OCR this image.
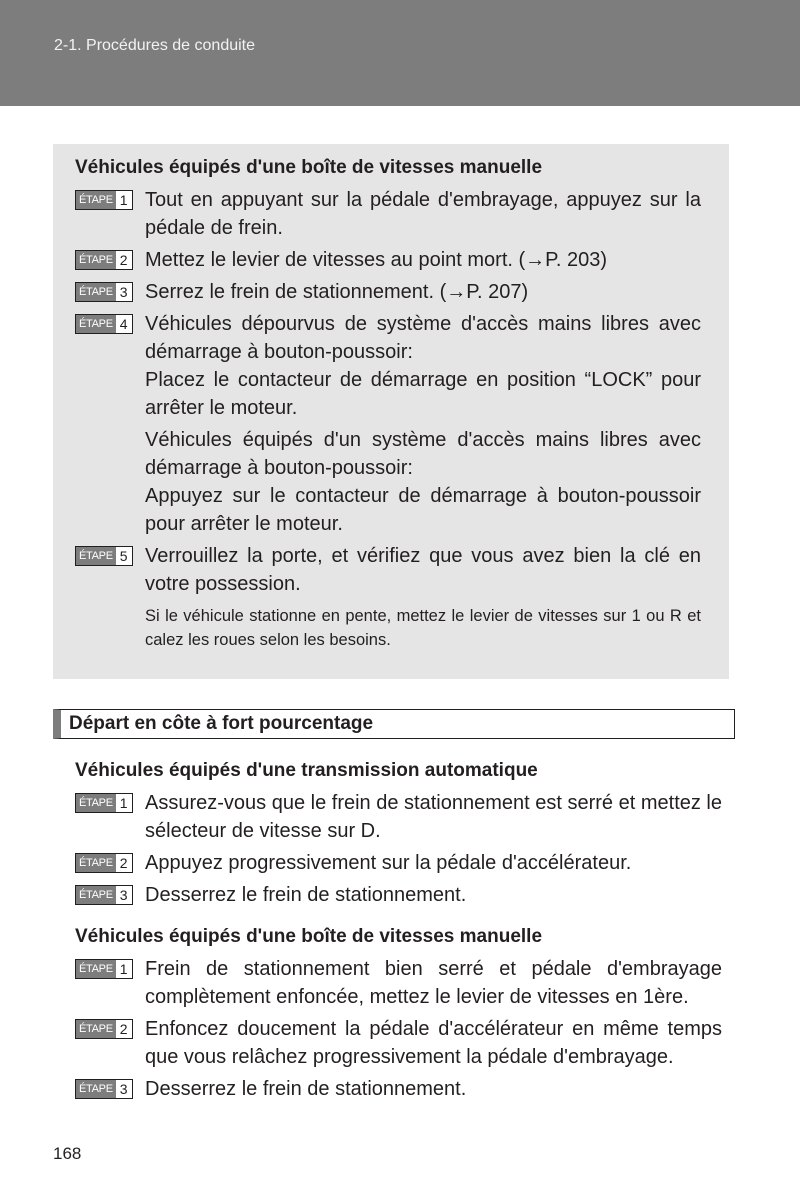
2-1. Procédures de conduite
Véhicules équipés d'une boîte de vitesses manuelle
ÉTAPE 1 Tout en appuyant sur la pédale d'embrayage, appuyez sur la pédale de frein.
ÉTAPE 2 Mettez le levier de vitesses au point mort. (→P. 203)
ÉTAPE 3 Serrez le frein de stationnement. (→P. 207)
ÉTAPE 4 Véhicules dépourvus de système d'accès mains libres avec démarrage à bouton-poussoir:

Placez le contacteur de démarrage en position “LOCK” pour arrêter le moteur.

Véhicules équipés d'un système d'accès mains libres avec démarrage à bouton-poussoir:

Appuyez sur le contacteur de démarrage à bouton-poussoir pour arrêter le moteur.

ÉTAPE 5 Verrouillez la porte, et vérifiez que vous avez bien la clé en votre possession.
Si le véhicule stationne en pente, mettez le levier de vitesses sur 1 ou R et calez les roues selon les besoins.
Départ en côte à fort pourcentage
Véhicules équipés d'une transmission automatique
ÉTAPE 1 Assurez-vous que le frein de stationnement est serré et mettez le sélecteur de vitesse sur D.
ÉTAPE 2 Appuyez progressivement sur la pédale d'accélérateur.
ÉTAPE 3 Desserrez le frein de stationnement.
Véhicules équipés d'une boîte de vitesses manuelle
ÉTAPE 1 Frein de stationnement bien serré et pédale d'embrayage complètement enfoncée, mettez le levier de vitesses en 1ère.
ÉTAPE 2 Enfoncez doucement la pédale d'accélérateur en même temps que vous relâchez progressivement la pédale d'embrayage.
ÉTAPE 3 Desserrez le frein de stationnement.
168
